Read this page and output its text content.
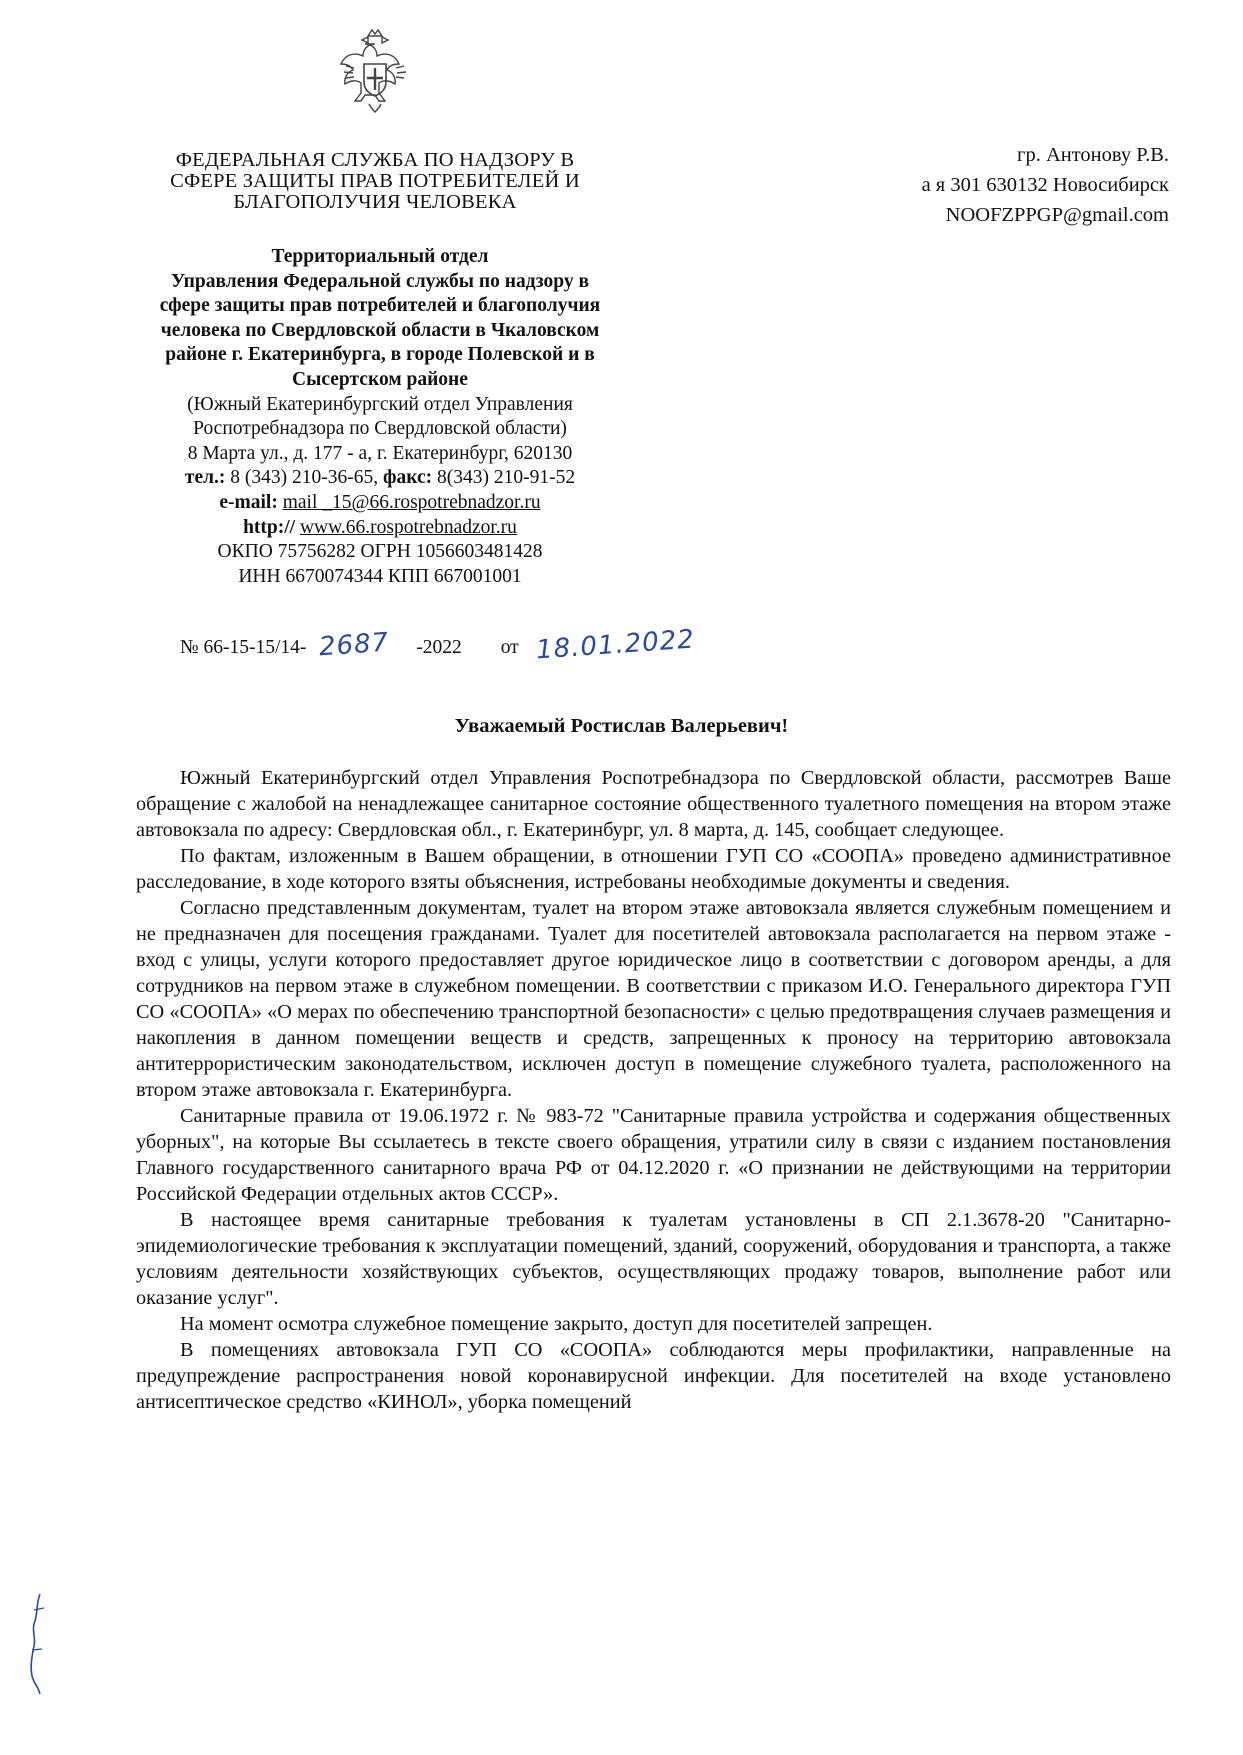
ФЕДЕРАЛЬНАЯ СЛУЖБА ПО НАДЗОРУ В
СФЕРЕ ЗАЩИТЫ ПРАВ ПОТРЕБИТЕЛЕЙ И
БЛАГОПОЛУЧИЯ ЧЕЛОВЕКА
гр. Антонову Р.В.
а я 301 630132 Новосибирск
NOOFZPPGP@gmail.com
Территориальный отдел
Управления Федеральной службы по надзору в
сфере защиты прав потребителей и благополучия
человека по Свердловской области в Чкаловском
районе г. Екатеринбурга, в городе Полевской и в
Сысертском районе
(Южный Екатеринбургский отдел Управления
Роспотребнадзора по Свердловской области)
8 Марта ул., д. 177 - а, г. Екатеринбург, 620130
тел.: 8 (343) 210-36-65, факс: 8(343) 210-91-52
e-mail: mail _15@66.rospotrebnadzor.ru
http:// www.66.rospotrebnadzor.ru
ОКПО 75756282 ОГРН 1056603481428
ИНН 6670074344 КПП 667001001
№ 66-15-15/14- 2687 -2022 от 18.01.2022
Уважаемый Ростислав Валерьевич!

Южный Екатеринбургский отдел Управления Роспотребнадзора по Свердловской области, рассмотрев Ваше обращение с жалобой на ненадлежащее санитарное состояние общественного туалетного помещения на втором этаже автовокзала по адресу: Свердловская обл., г. Екатеринбург, ул. 8 марта, д. 145, сообщает следующее.

По фактам, изложенным в Вашем обращении, в отношении ГУП СО «СООПА» проведено административное расследование, в ходе которого взяты объяснения, истребованы необходимые документы и сведения.

Согласно представленным документам, туалет на втором этаже автовокзала является служебным помещением и не предназначен для посещения гражданами. Туалет для посетителей автовокзала располагается на первом этаже - вход с улицы, услуги которого предоставляет другое юридическое лицо в соответствии с договором аренды, а для сотрудников на первом этаже в служебном помещении. В соответствии с приказом И.О. Генерального директора ГУП СО «СООПА» «О мерах по обеспечению транспортной безопасности» с целью предотвращения случаев размещения и накопления в данном помещении веществ и средств, запрещенных к проносу на территорию автовокзала антитеррористическим законодательством, исключен доступ в помещение служебного туалета, расположенного на втором этаже автовокзала г. Екатеринбурга.

Санитарные правила от 19.06.1972 г. № 983-72 "Санитарные правила устройства и содержания общественных уборных", на которые Вы ссылаетесь в тексте своего обращения, утратили силу в связи с изданием постановления Главного государственного санитарного врача РФ от 04.12.2020 г. «О признании не действующими на территории Российской Федерации отдельных актов СССР».

В настоящее время санитарные требования к туалетам установлены в СП 2.1.3678-20 "Санитарно-эпидемиологические требования к эксплуатации помещений, зданий, сооружений, оборудования и транспорта, а также условиям деятельности хозяйствующих субъектов, осуществляющих продажу товаров, выполнение работ или оказание услуг".

На момент осмотра служебное помещение закрыто, доступ для посетителей запрещен.

В помещениях автовокзала ГУП СО «СООПА» соблюдаются меры профилактики, направленные на предупреждение распространения новой коронавирусной инфекции. Для посетителей на входе установлено антисептическое средство «КИНОЛ», уборка помещений
